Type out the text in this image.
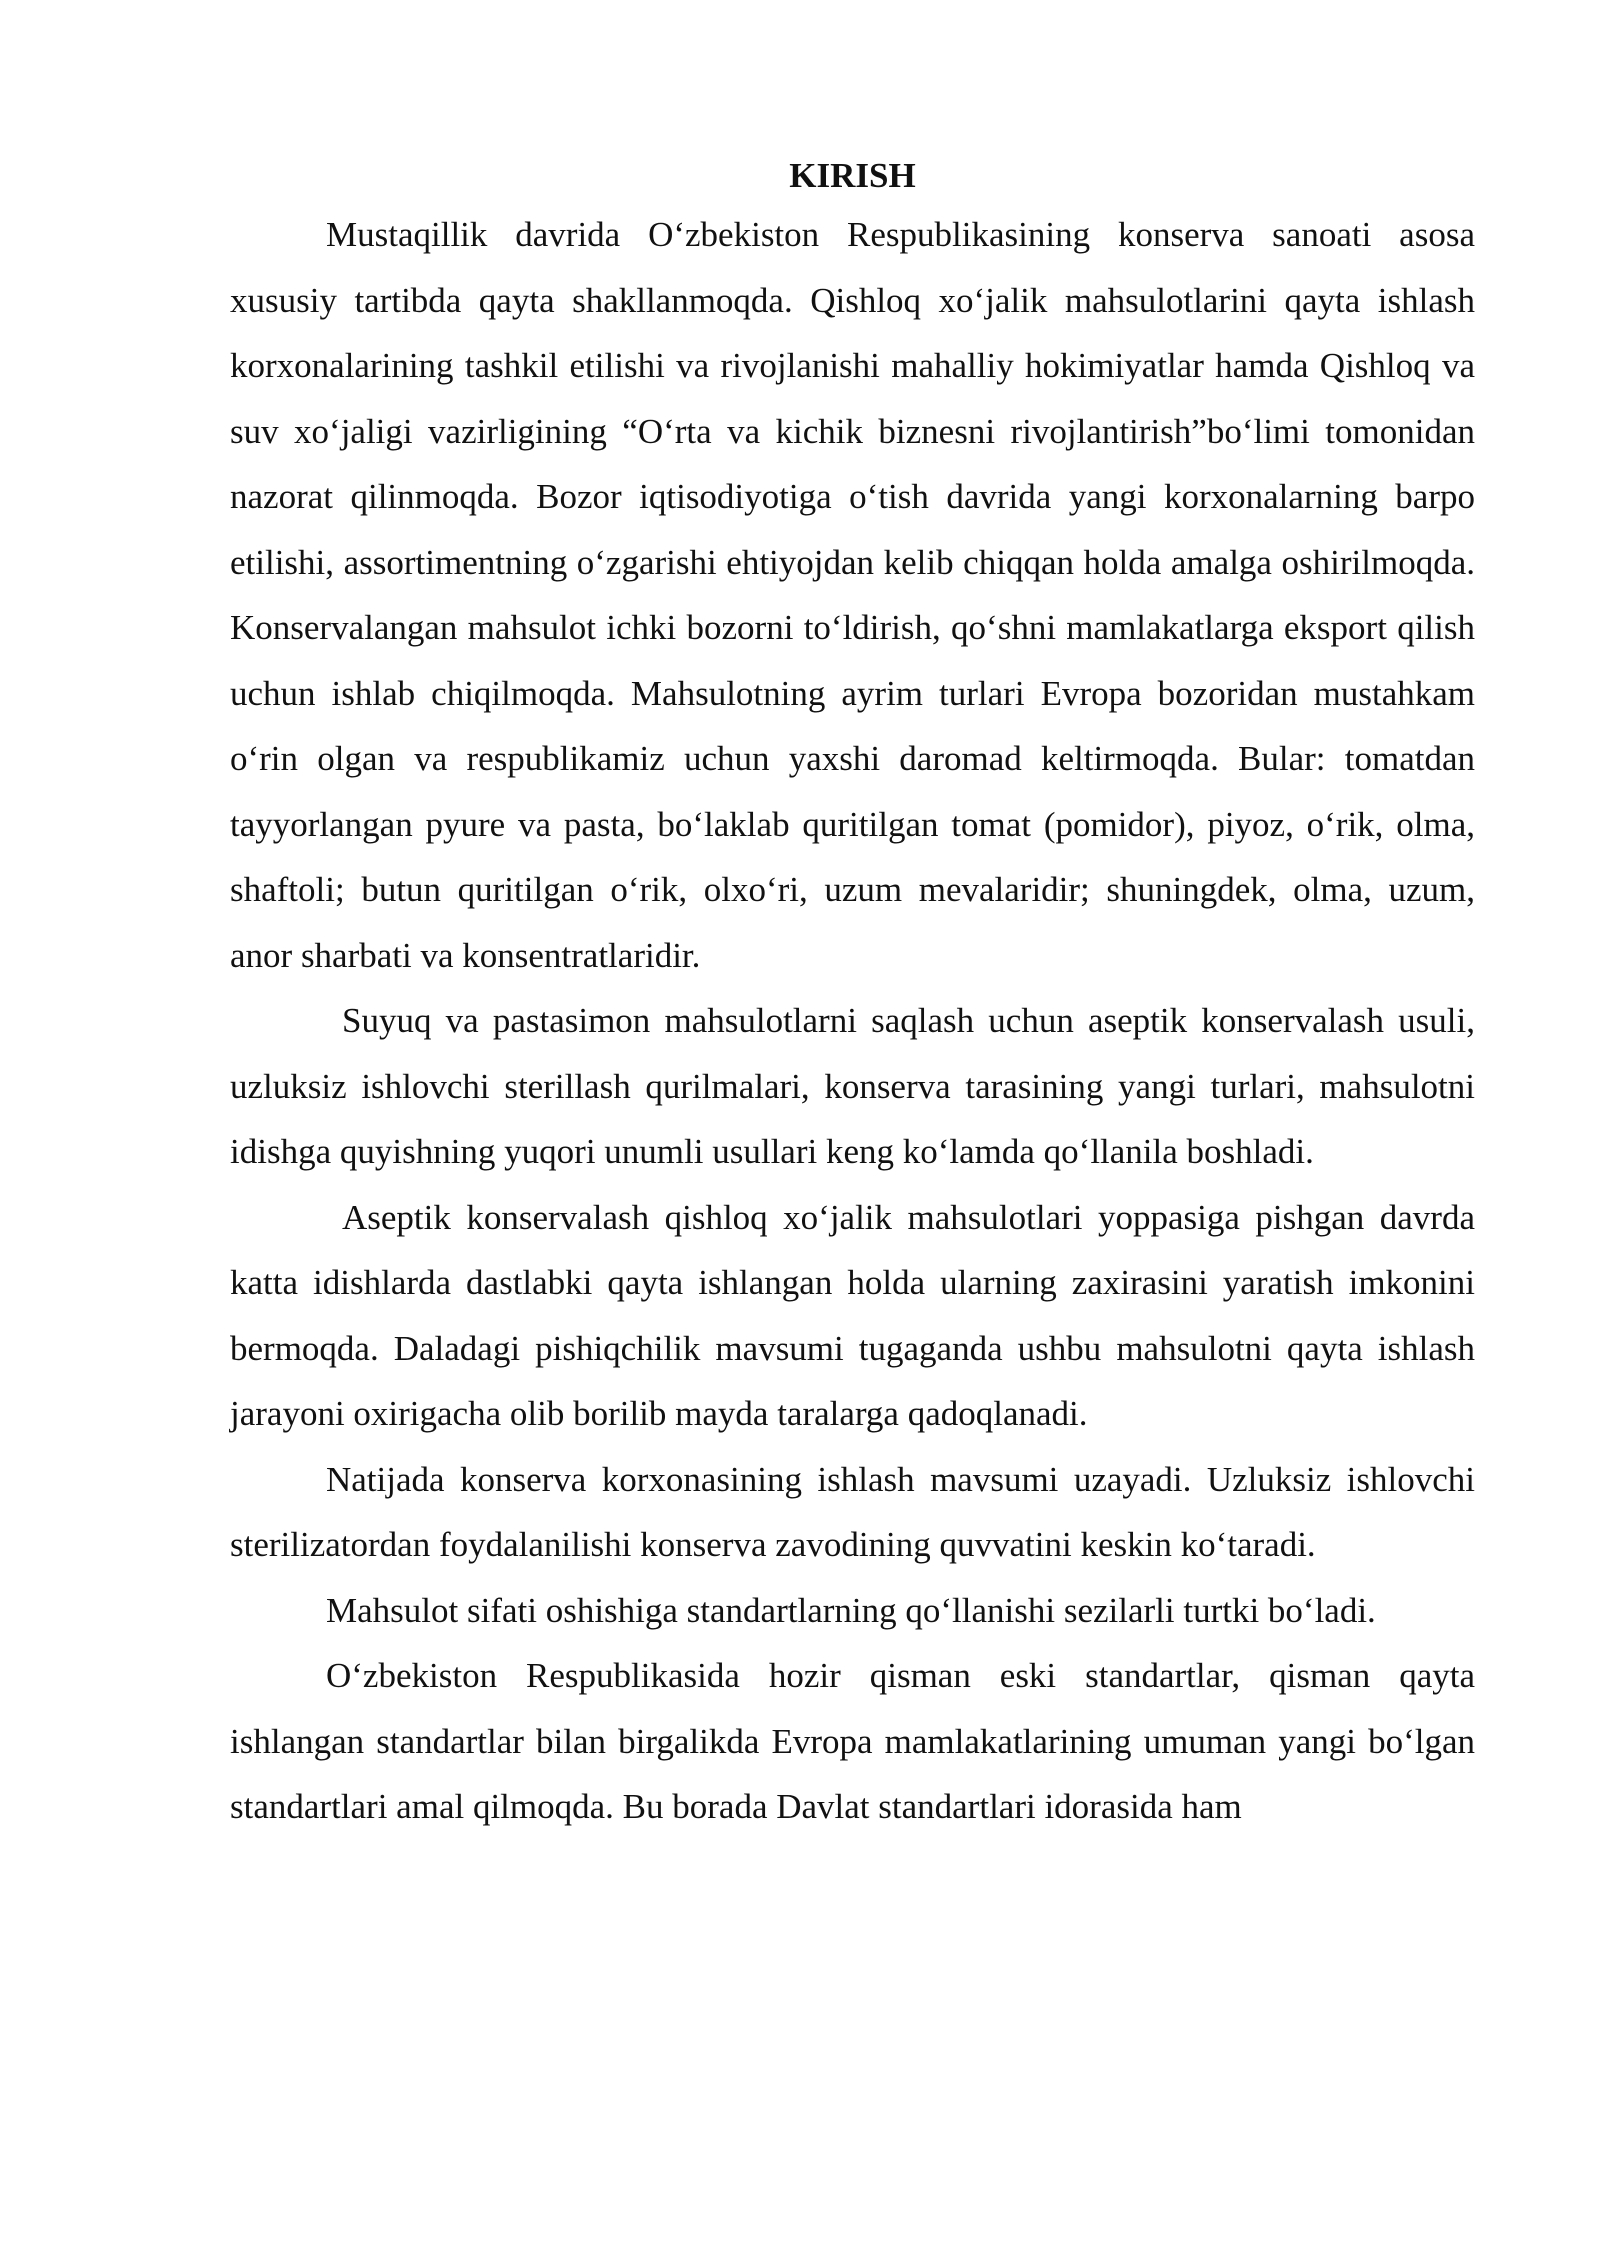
KIRISH

Mustaqillik davrida O‘zbekiston Respublikasining konserva sanoati asosa xususiy tartibda qayta shakllanmoqda. Qishloq xo‘jalik mahsulotlarini qayta ishlash korxonalarining tashkil etilishi va rivojlanishi mahalliy hokimiyatlar hamda Qishloq va suv xo‘jaligi vazirligining “O‘rta va kichik biznesni rivojlantirish”bo‘limi tomonidan nazorat qilinmoqda. Bozor iqtisodiyotiga o‘tish davrida yangi korxonalarning barpo etilishi, assortimentning o‘zgarishi ehtiyojdan kelib chiqqan holda amalga oshirilmoqda. Konservalangan mahsulot ichki bozorni to‘ldirish, qo‘shni mamlakatlarga eksport qilish uchun ishlab chiqilmoqda. Mahsulotning ayrim turlari Evropa bozoridan mustahkam o‘rin olgan va respublikamiz uchun yaxshi daromad keltirmoqda. Bular: tomatdan tayyorlangan pyure va pasta, bo‘laklab quritilgan tomat (pomidor), piyoz, o‘rik, olma, shaftoli; butun quritilgan o‘rik, olxo‘ri, uzum mevalaridir; shuningdek, olma, uzum, anor sharbati va konsentratlaridir.

Suyuq va pastasimon mahsulotlarni saqlash uchun aseptik konservalash usuli, uzluksiz ishlovchi sterillash qurilmalari, konserva tarasining yangi turlari, mahsulotni idishga quyishning yuqori unumli usullari keng ko‘lamda qo‘llanila boshladi.

Aseptik konservalash qishloq xo‘jalik mahsulotlari yoppasiga pishgan davrda katta idishlarda dastlabki qayta ishlangan holda ularning zaxirasini yaratish imkonini bermoqda. Daladagi pishiqchilik mavsumi tugaganda ushbu mahsulotni qayta ishlash jarayoni oxirigacha olib borilib mayda taralarga qadoqlanadi.

Natijada konserva korxonasining ishlash mavsumi uzayadi. Uzluksiz ishlovchi sterilizatordan foydalanilishi konserva zavodining quvvatini keskin ko‘taradi.

Mahsulot sifati oshishiga standartlarning qo‘llanishi sezilarli turtki bo‘ladi.

O‘zbekiston Respublikasida hozir qisman eski standartlar, qisman qayta ishlangan standartlar bilan birgalikda Evropa mamlakatlarining umuman yangi bo‘lgan standartlari amal qilmoqda. Bu borada Davlat standartlari idorasida ham
